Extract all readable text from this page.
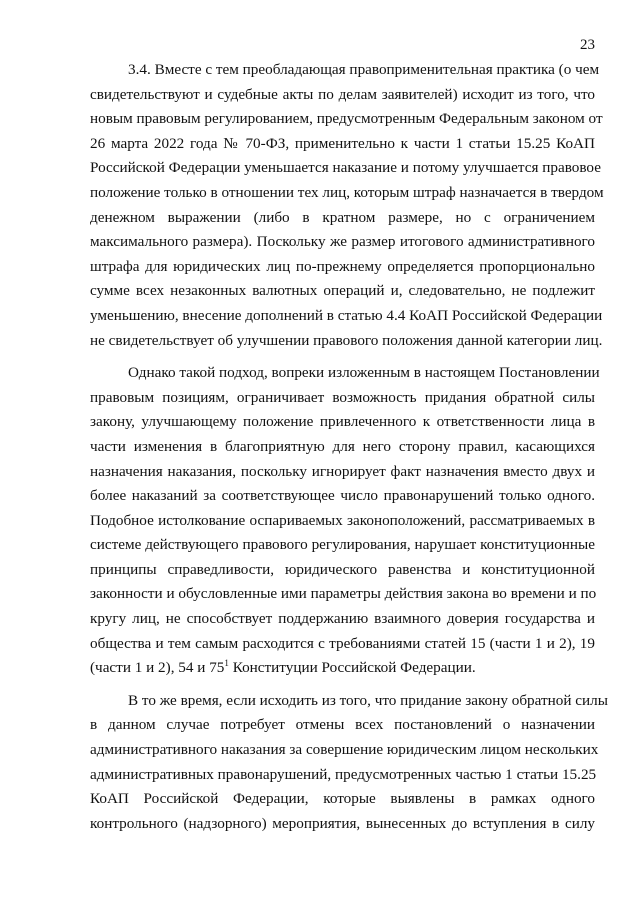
23
3.4. Вместе с тем преобладающая правоприменительная практика (о чем
свидетельствуют и судебные акты по делам заявителей) исходит из того, что
новым правовым регулированием, предусмотренным Федеральным законом от
26 марта 2022 года № 70-ФЗ, применительно к части 1 статьи 15.25 КоАП
Российской Федерации уменьшается наказание и потому улучшается правовое
положение только в отношении тех лиц, которым штраф назначается в твердом
денежном выражении (либо в кратном размере, но с ограничением
максимального размера). Поскольку же размер итогового административного
штрафа для юридических лиц по-прежнему определяется пропорционально
сумме всех незаконных валютных операций и, следовательно, не подлежит
уменьшению, внесение дополнений в статью 4.4 КоАП Российской Федерации
не свидетельствует об улучшении правового положения данной категории лиц.
Однако такой подход, вопреки изложенным в настоящем Постановлении
правовым позициям, ограничивает возможность придания обратной силы
закону, улучшающему положение привлеченного к ответственности лица в
части изменения в благоприятную для него сторону правил, касающихся
назначения наказания, поскольку игнорирует факт назначения вместо двух и
более наказаний за соответствующее число правонарушений только одного.
Подобное истолкование оспариваемых законоположений, рассматриваемых в
системе действующего правового регулирования, нарушает конституционные
принципы справедливости, юридического равенства и конституционной
законности и обусловленные ими параметры действия закона во времени и по
кругу лиц, не способствует поддержанию взаимного доверия государства и
общества и тем самым расходится с требованиями статей 15 (части 1 и 2), 19
(части 1 и 2), 54 и $75^1$ Конституции Российской Федерации.
В то же время, если исходить из того, что придание закону обратной силы
в данном случае потребует отмены всех постановлений о назначении
административного наказания за совершение юридическим лицом нескольких
административных правонарушений, предусмотренных частью 1 статьи 15.25
КоАП Российской Федерации, которые выявлены в рамках одного
контрольного (надзорного) мероприятия, вынесенных до вступления в силу
